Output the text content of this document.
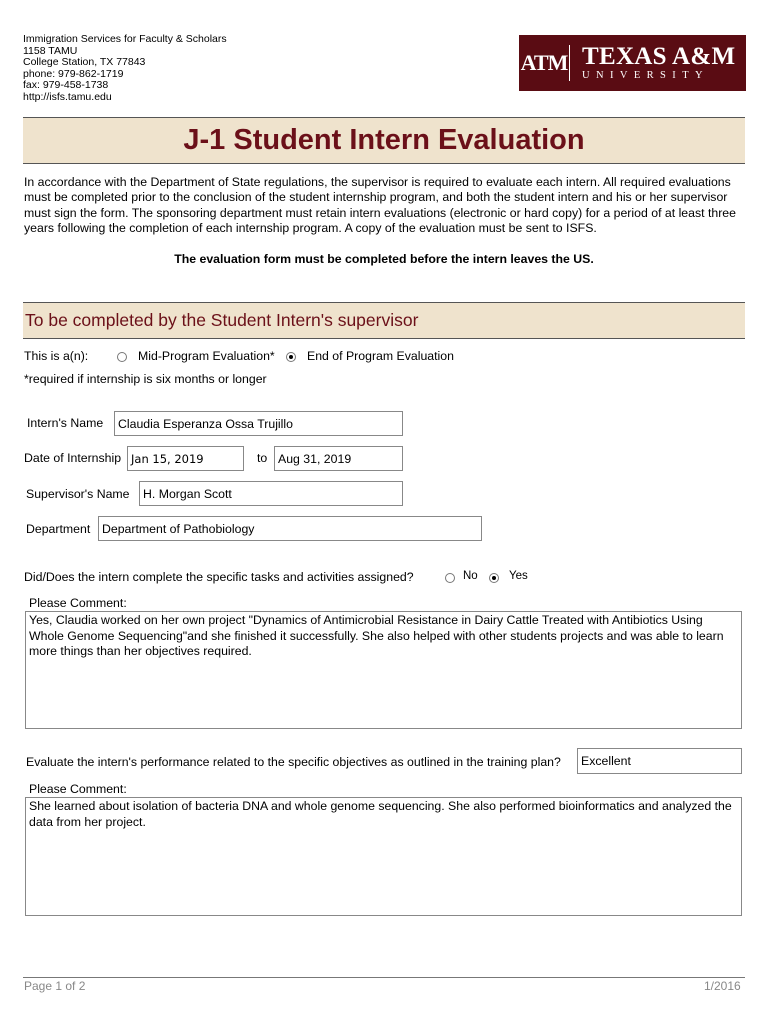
Immigration Services for Faculty & Scholars
1158 TAMU
College Station, TX 77843
phone: 979-862-1719
fax: 979-458-1738
http://isfs.tamu.edu
ATM TEXAS A&M
UNIVERSITY
J-1 Student Intern Evaluation
In accordance with the Department of State regulations, the supervisor is required to evaluate each intern. All required evaluations must be completed prior to the conclusion of the student internship program, and both the student intern and his or her supervisor must sign the form. The sponsoring department must retain intern evaluations (electronic or hard copy) for a period of at least three years following the completion of each internship program. A copy of the evaluation must be sent to ISFS.
The evaluation form must be completed before the intern leaves the US.
To be completed by the Student Intern's supervisor
This is a(n):	Mid-Program Evaluation*	End of Program Evaluation
*required if internship is six months or longer
Intern's Name	Claudia Esperanza Ossa Trujillo
Date of Internship Jan 15, 2019	to Aug 31, 2019
Supervisor's Name	H. Morgan Scott
Department Department of Pathobiology
Did/Does the intern complete the specific tasks and activities assigned?	No	Yes
Please Comment:
Yes, Claudia worked on her own project "Dynamics of Antimicrobial Resistance in Dairy Cattle Treated with Antibiotics Using Whole Genome Sequencing"and she finished it successfully. She also helped with other students projects and was able to learn more things than her objectives required.
Evaluate the intern's performance related to the specific objectives as outlined in the training plan?	Excellent
Please Comment:
She learned about isolation of bacteria DNA and whole genome sequencing. She also performed bioinformatics and analyzed the data from her project.
Page 1 of 2	1/2016
